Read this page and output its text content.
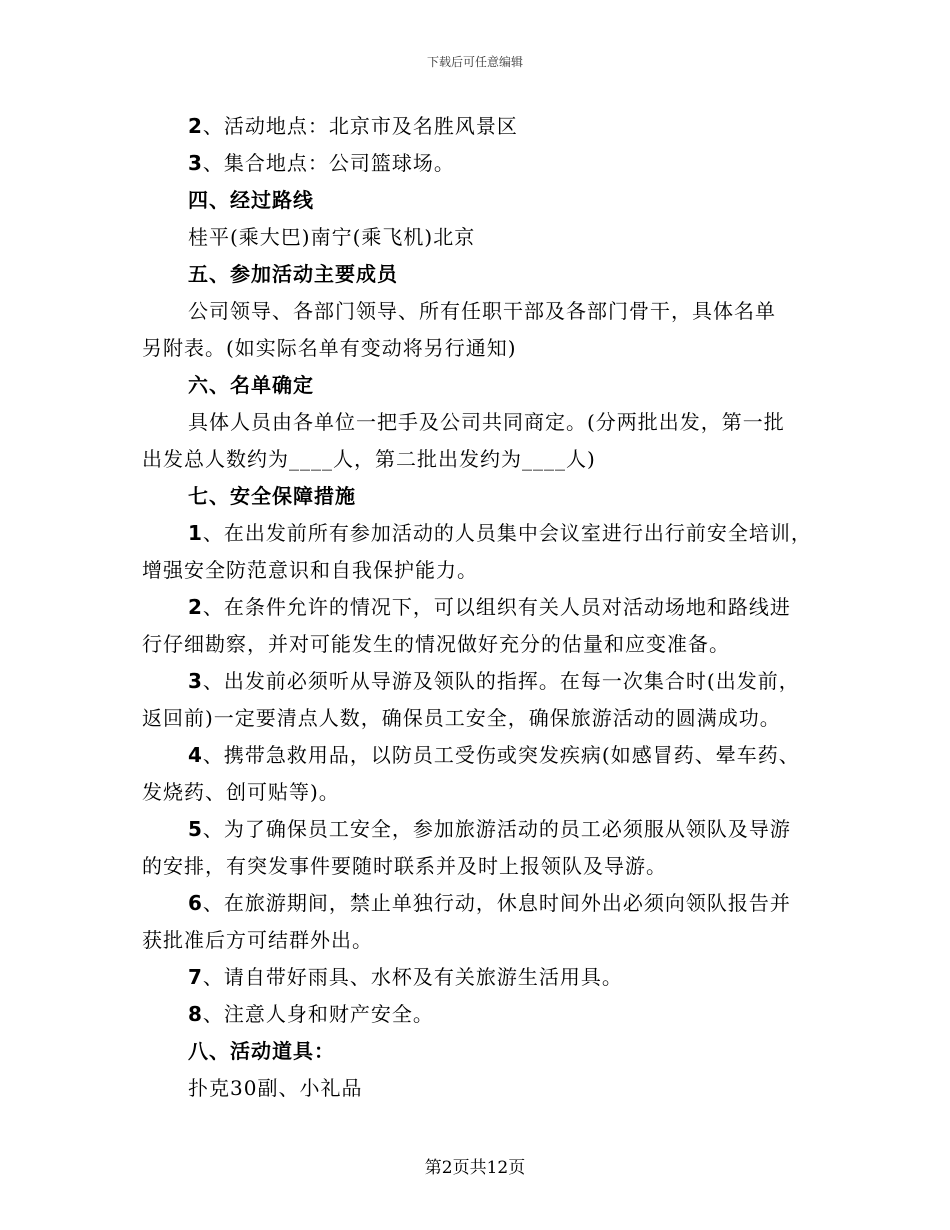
下载后可任意编辑
2、活动地点：北京市及名胜风景区
3、集合地点：公司篮球场。
四、经过路线
桂平(乘大巴)南宁(乘飞机)北京
五、参加活动主要成员
公司领导、各部门领导、所有任职干部及各部门骨干，具体名单
另附表。(如实际名单有变动将另行通知)
六、名单确定
具体人员由各单位一把手及公司共同商定。(分两批出发，第一批
出发总人数约为____人，第二批出发约为____人)
七、安全保障措施
1、在出发前所有参加活动的人员集中会议室进行出行前安全培训，
增强安全防范意识和自我保护能力。
2、在条件允许的情况下，可以组织有关人员对活动场地和路线进
行仔细勘察，并对可能发生的情况做好充分的估量和应变准备。
3、出发前必须听从导游及领队的指挥。在每一次集合时(出发前，
返回前)一定要清点人数，确保员工安全，确保旅游活动的圆满成功。
4、携带急救用品，以防员工受伤或突发疾病(如感冒药、晕车药、
发烧药、创可贴等)。
5、为了确保员工安全，参加旅游活动的员工必须服从领队及导游
的安排，有突发事件要随时联系并及时上报领队及导游。
6、在旅游期间，禁止单独行动，休息时间外出必须向领队报告并
获批准后方可结群外出。
7、请自带好雨具、水杯及有关旅游生活用具。
8、注意人身和财产安全。
八、活动道具：
扑克30副、小礼品
第2页共12页
